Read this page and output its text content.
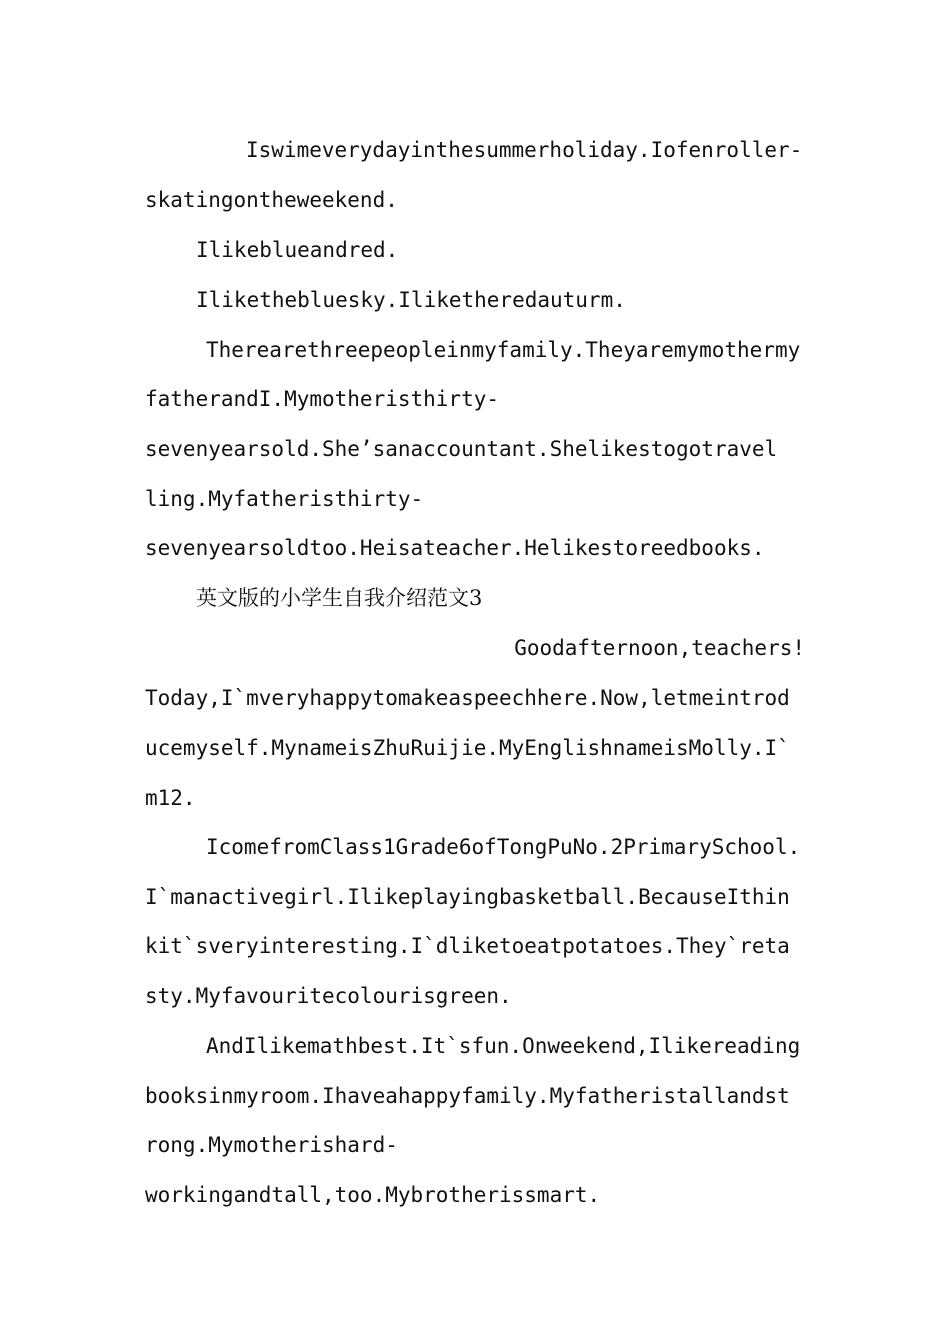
Iswimeverydayinthesummerholiday.Iofenroller-
skatingontheweekend.
Ilikeblueandred.
Ilikethebluesky.Ilikethe​redauturm.
Therearethreepeopleinmyfamily.Theyaremymothermy
fatherandI.Mymotheristhirty-
sevenyearsold.She’sanaccountant.Shelikestogotravel
ling.Myfatheristhirty-
sevenyearsoldtoo.Heisateacher.Helikestoreedbooks.
英文版的小学生自我介绍范文3
Goodafternoon,teachers!
Today,I`mveryhappytomakeaspeechhere.Now,letmeintrod
ucemyself.MynameisZhuRuijie.MyEnglishnameisMolly.I`
m12.
IcomefromClass1Grade6ofTongPuNo.2PrimarySchool.
I`manactivegirl.Ilikeplayingbasketball.BecauseIthin
kit`sveryinteresting.I`dliketoeatpotatoes.They`reta
sty.Myfavouritecolourisgreen.
AndIlikemathbest.It`sfun.Onweekend,Ilikereading
booksinmyroom.Ihaveahappyfamily.Myfatheristallandst
rong.Mymotherishard-
workingandtall,too.Mybrotherissmart.
